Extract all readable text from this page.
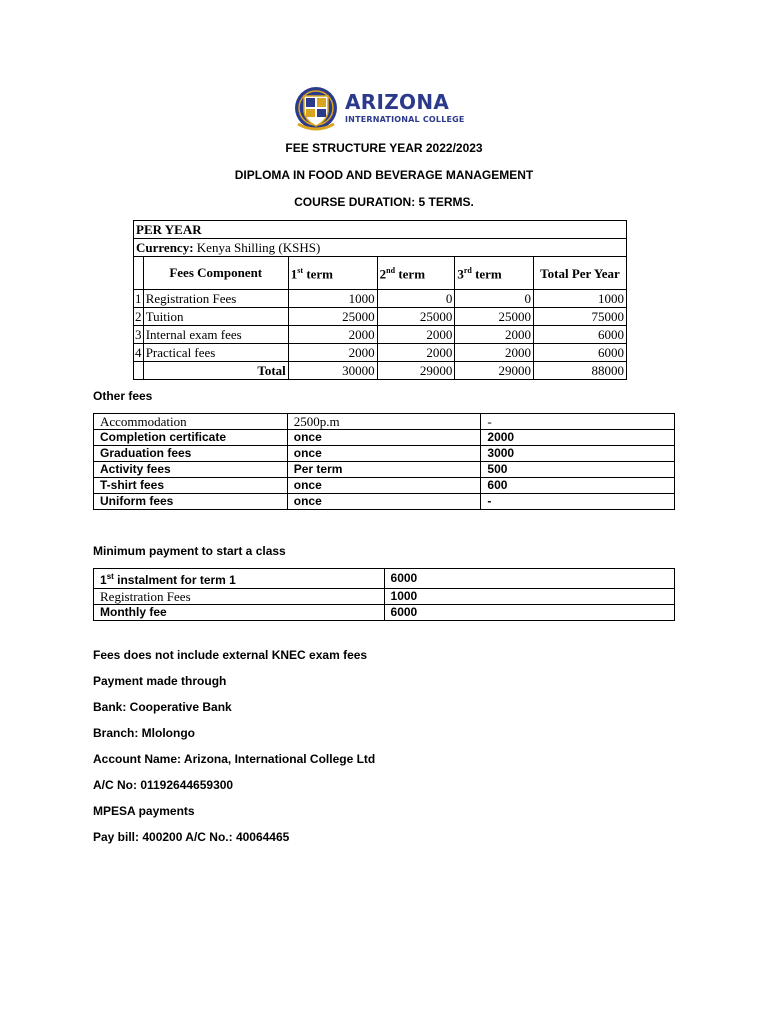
ARIZONA
INTERNATIONAL COLLEGE
FEE STRUCTURE YEAR 2022/2023
DIPLOMA IN FOOD AND BEVERAGE MANAGEMENT
COURSE DURATION: 5 TERMS.
PER YEAR					
Currency: Kenya Shilling (KSHS)					
	Fees Component	1st term	2nd term	3rd term	Total Per Year
1	Registration Fees	1000	0	0	1000
2	Tuition	25000	25000	25000	75000
3	Internal exam fees	2000	2000	2000	6000
4	Practical fees	2000	2000	2000	6000
	Total	30000	29000	29000	88000
Other fees
Accommodation	2500p.m	-
Completion certificate	once	2000
Graduation fees	once	3000
Activity fees	Per term	500
T-shirt fees	once	600
Uniform fees	once	-
Minimum payment to start a class
1st instalment for term 1	6000
Registration Fees	1000
Monthly fee	6000
Fees does not include external KNEC exam fees
Payment made through
Bank: Cooperative Bank
Branch: Mlolongo
Account Name: Arizona, International College Ltd
A/C No: 01192644659300
MPESA payments
Pay bill: 400200 A/C No.: 40064465
